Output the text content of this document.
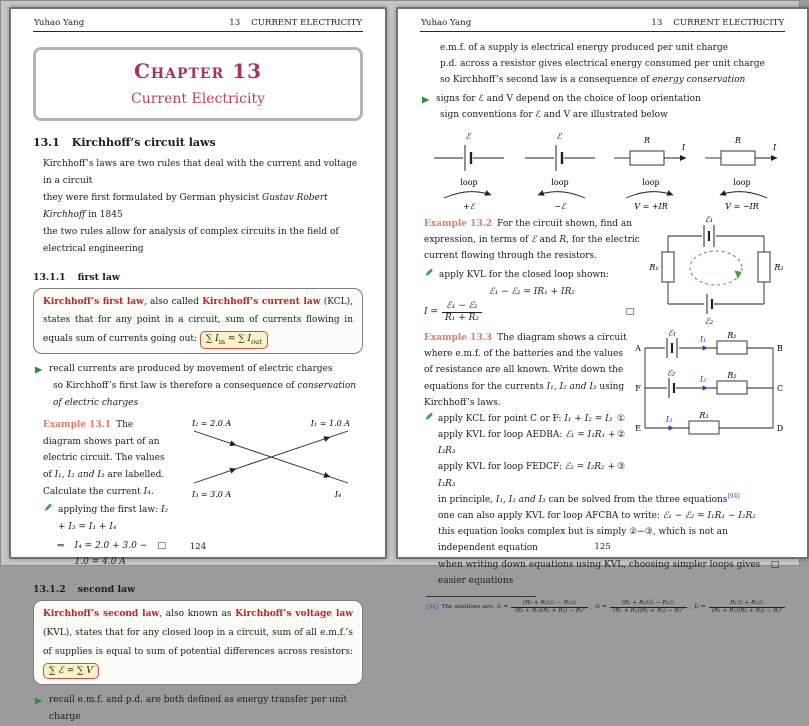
Yuhao Yang	13 CURRENT ELECTRICITY
Chapter 13
Current Electricity
13.1 Kirchhoff’s circuit laws
Kirchhoff’s laws are two rules that deal with the current and voltage in a circuit
they were first formulated by German physicist Gustav Robert Kirchhoff in 1845
the two rules allow for analysis of complex circuits in the field of electrical engineering
13.1.1 first law
Kirchhoff’s first law, also called Kirchhoff’s current law (KCL), states that for any point in a circuit, sum of currents flowing in equals sum of currents going out: ∑ $I_{in}$ = ∑ $I_{out}$
recall currents are produced by movement of electric charges
so Kirchhoff’s first law is therefore a consequence of conservation of electric charges
Example 13.1 The diagram shows part of an electric circuit. The values of I₁, I₂ and I₃ are labelled. Calculate the current I₄.
applying the first law: I₂ + I₃ = I₁ + I₄
⇒ I₄ = 2.0 + 3.0 − 1.0 = 4.0 A
□
I₂ = 2.0 A	I₁ = 1.0 A
I₃ = 3.0 A	I₄
13.1.2 second law
Kirchhoff’s second law, also known as Kirchhoff’s voltage law (KVL), states that for any closed loop in a circuit, sum of all e.m.f.’s of supplies is equal to sum of potential differences across resistors: ∑ ℰ = ∑ V
recall e.m.f. and p.d. are both defined as energy transfer per unit charge
124
Yuhao Yang	13 CURRENT ELECTRICITY
e.m.f. of a supply is electrical energy produced per unit charge
p.d. across a resistor gives electrical energy consumed per unit charge
so Kirchhoff’s second law is a consequence of energy conservation
signs for ℰ and V depend on the choice of loop orientation
sign conventions for ℰ and V are illustrated below
ℰ
loop
+ℰ
ℰ
loop
−ℰ
R
I
loop
V = +IR
R
I
loop
V = −IR
Example 13.2 For the circuit shown, find an expression, in terms of ℰ and R, for the electric current flowing through the resistors.
apply KVL for the closed loop shown:
ℰ₁ − ℰ₂ = IR₁ + IR₂
$I = \frac{\text{ℰ₁ − ℰ₂}}{\text{R₁ + R₂}}$	□
ℰ₁
R₁	R₂
ℰ₂
Example 13.3 The diagram shows a circuit where e.m.f. of the batteries and the values of resistance are all known. Write down the equations for the currents I₁, I₂ and I₃ using Kirchhoff’s laws.
apply KCL for point C or F: I₁ + I₂ = I₃ ①
apply KVL for loop AEDBA: ℰ₁ = I₁R₁ + I₃R₃
②
apply KVL for loop FEDCF: ℰ₂ = I₂R₂ + I₃R₃
③
ℰ₁
I₁	R₁
A	B
ℰ₂
I₂	R₂
F	C
I₃	R₃
E	D
in principle, I₁, I₂ and I₃ can be solved from the three equations[94]
one can also apply KVL for loop AFCBA to write: ℰ₁ − ℰ₂ = I₁R₁ − I₂R₂
this equation looks complex but is simply ②−③, which is not an independent equation
when writing down equations using KVL, choosing simpler loops gives easier equations
□
[94] The solutions are: $I_1 = \frac{\text{(R₂ + R₃)ℰ₁ − R₃ℰ₂}}{\text{(R₁ + R₃)(R₂ + R₃) − R₃²}}$ , $I_2 = \frac{\text{(R₂ + R₃)ℰ₂ − R₃ℰ₁}}{\text{(R₁ + R₃)(R₂ + R₃) − R₃²}}$ , $I_3 = \frac{\text{R₁ℰ₂ + R₂ℰ₁}}{\text{(R₁ + R₃)(R₂ + R₃) − R₃²}}$
125
